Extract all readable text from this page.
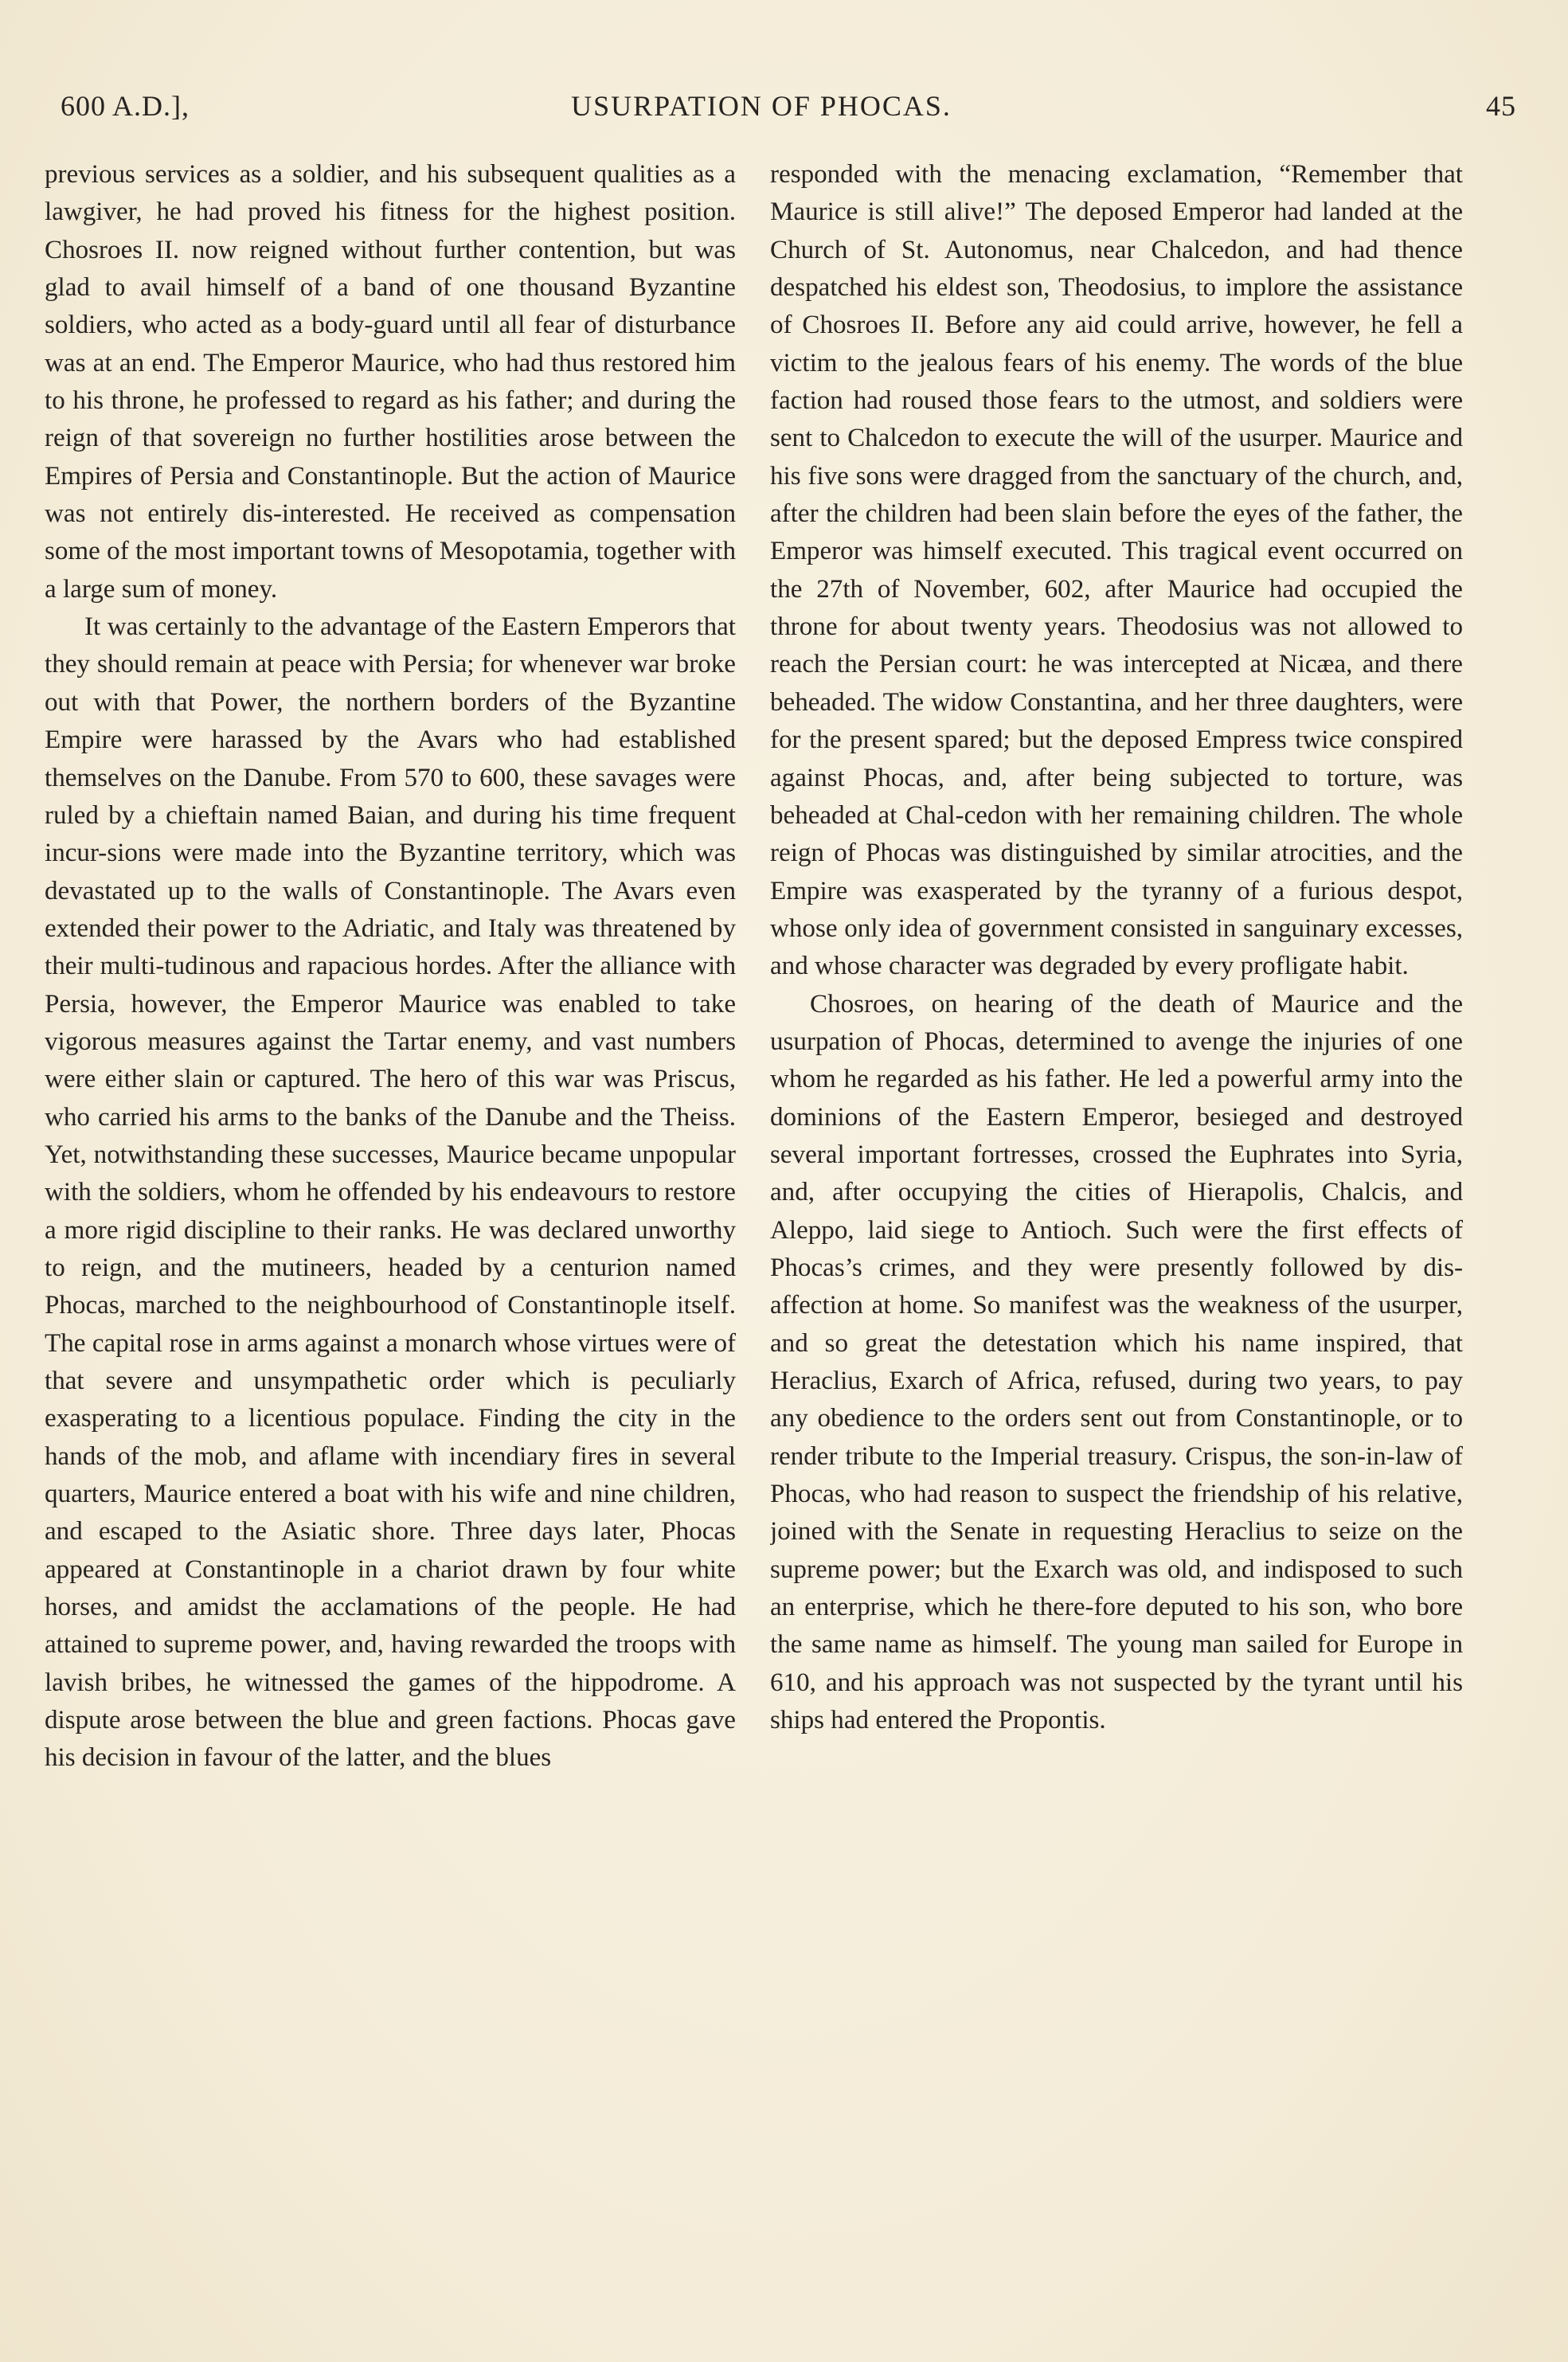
600 A.D.],	USURPATION OF PHOCAS.	45

previous services as a soldier, and his subsequent qualities as a lawgiver, he had proved his fitness for the highest position. Chosroes II. now reigned without further contention, but was glad to avail himself of a band of one thousand Byzantine soldiers, who acted as a body-guard until all fear of disturbance was at an end. The Emperor Maurice, who had thus restored him to his throne, he professed to regard as his father; and during the reign of that sovereign no further hostilities arose between the Empires of Persia and Constantinople. But the action of Maurice was not entirely dis-interested. He received as compensation some of the most important towns of Mesopotamia, together with a large sum of money.

It was certainly to the advantage of the Eastern Emperors that they should remain at peace with Persia; for whenever war broke out with that Power, the northern borders of the Byzantine Empire were harassed by the Avars who had established themselves on the Danube. From 570 to 600, these savages were ruled by a chieftain named Baian, and during his time frequent incur-sions were made into the Byzantine territory, which was devastated up to the walls of Constantinople. The Avars even extended their power to the Adriatic, and Italy was threatened by their multi-tudinous and rapacious hordes. After the alliance with Persia, however, the Emperor Maurice was enabled to take vigorous measures against the Tartar enemy, and vast numbers were either slain or captured. The hero of this war was Priscus, who carried his arms to the banks of the Danube and the Theiss. Yet, notwithstanding these successes, Maurice became unpopular with the soldiers, whom he offended by his endeavours to restore a more rigid discipline to their ranks. He was declared unworthy to reign, and the mutineers, headed by a centurion named Phocas, marched to the neighbourhood of Constantinople itself. The capital rose in arms against a monarch whose virtues were of that severe and unsympathetic order which is peculiarly exasperating to a licentious populace. Finding the city in the hands of the mob, and aflame with incendiary fires in several quarters, Maurice entered a boat with his wife and nine children, and escaped to the Asiatic shore. Three days later, Phocas appeared at Constantinople in a chariot drawn by four white horses, and amidst the acclamations of the people. He had attained to supreme power, and, having rewarded the troops with lavish bribes, he witnessed the games of the hippodrome. A dispute arose between the blue and green factions. Phocas gave his decision in favour of the latter, and the blues

responded with the menacing exclamation, “Remember that Maurice is still alive!” The deposed Emperor had landed at the Church of St. Autonomus, near Chalcedon, and had thence despatched his eldest son, Theodosius, to implore the assistance of Chosroes II. Before any aid could arrive, however, he fell a victim to the jealous fears of his enemy. The words of the blue faction had roused those fears to the utmost, and soldiers were sent to Chalcedon to execute the will of the usurper. Maurice and his five sons were dragged from the sanctuary of the church, and, after the children had been slain before the eyes of the father, the Emperor was himself executed. This tragical event occurred on the 27th of November, 602, after Maurice had occupied the throne for about twenty years. Theodosius was not allowed to reach the Persian court: he was intercepted at Nicæa, and there beheaded. The widow Constantina, and her three daughters, were for the present spared; but the deposed Empress twice conspired against Phocas, and, after being subjected to torture, was beheaded at Chal-cedon with her remaining children. The whole reign of Phocas was distinguished by similar atrocities, and the Empire was exasperated by the tyranny of a furious despot, whose only idea of government consisted in sanguinary excesses, and whose character was degraded by every profligate habit.

Chosroes, on hearing of the death of Maurice and the usurpation of Phocas, determined to avenge the injuries of one whom he regarded as his father. He led a powerful army into the dominions of the Eastern Emperor, besieged and destroyed several important fortresses, crossed the Euphrates into Syria, and, after occupying the cities of Hierapolis, Chalcis, and Aleppo, laid siege to Antioch. Such were the first effects of Phocas’s crimes, and they were presently followed by dis-affection at home. So manifest was the weakness of the usurper, and so great the detestation which his name inspired, that Heraclius, Exarch of Africa, refused, during two years, to pay any obedience to the orders sent out from Constantinople, or to render tribute to the Imperial treasury. Crispus, the son-in-law of Phocas, who had reason to suspect the friendship of his relative, joined with the Senate in requesting Heraclius to seize on the supreme power; but the Exarch was old, and indisposed to such an enterprise, which he there-fore deputed to his son, who bore the same name as himself. The young man sailed for Europe in 610, and his approach was not suspected by the tyrant until his ships had entered the Propontis.
